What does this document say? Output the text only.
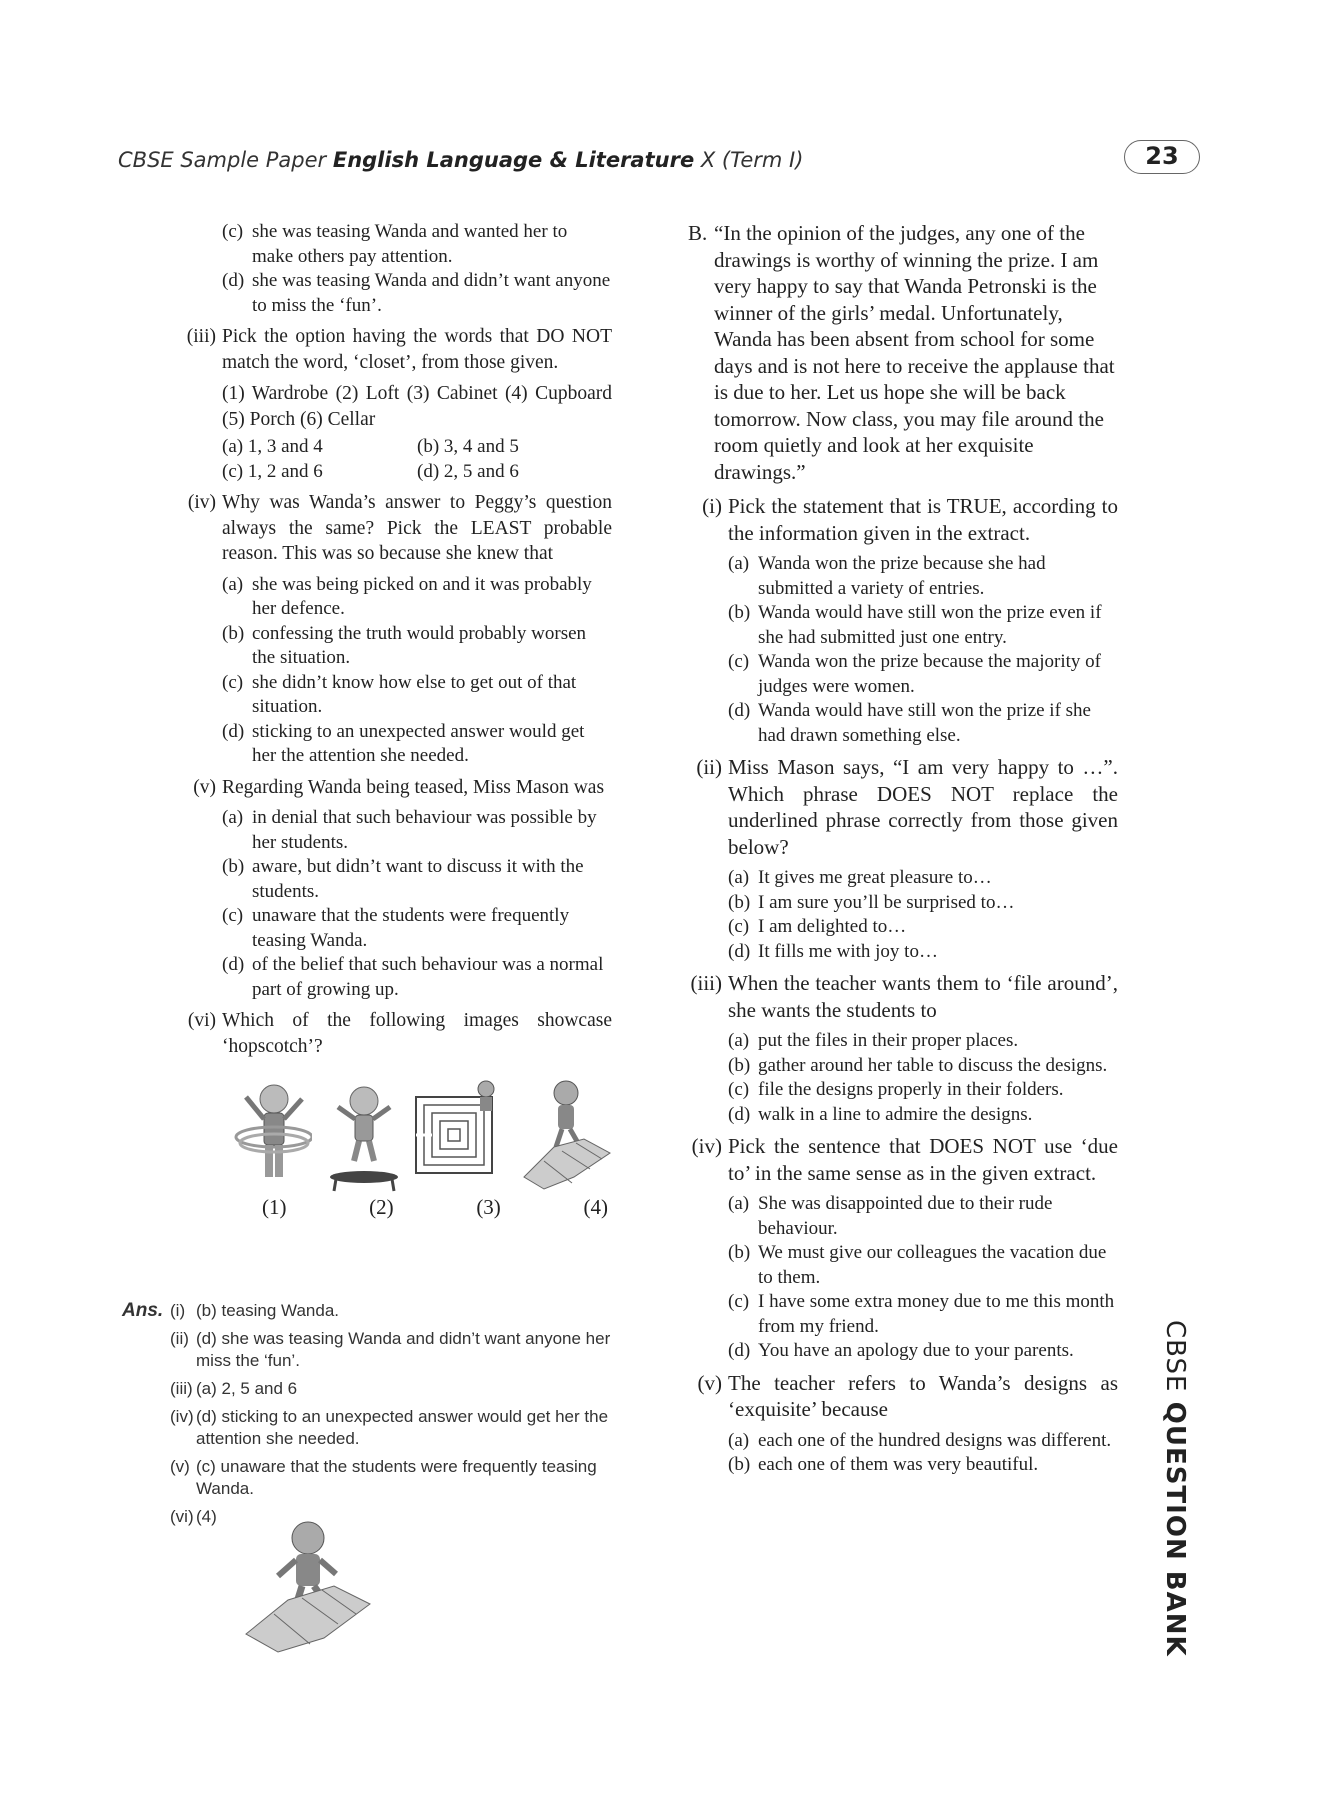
CBSE Sample Paper English Language & Literature X (Term I)	23
CBSE QUESTION BANK
(c) she was teasing Wanda and wanted her to make others pay attention.
(d) she was teasing Wanda and didn’t want anyone to miss the ‘fun’.
(iii) Pick the option having the words that DO NOT match the word, ‘closet’, from those given.
(1) Wardrobe (2) Loft (3) Cabinet (4) Cupboard (5) Porch (6) Cellar
(a) 1, 3 and 4	(b) 3, 4 and 5
(c) 1, 2 and 6	(d) 2, 5 and 6
(iv) Why was Wanda’s answer to Peggy’s question always the same? Pick the LEAST probable reason. This was so because she knew that
(a) she was being picked on and it was probably her defence.
(b) confessing the truth would probably worsen the situation.
(c) she didn’t know how else to get out of that situation.
(d) sticking to an unexpected answer would get her the attention she needed.
(v) Regarding Wanda being teased, Miss Mason was
(a) in denial that such behaviour was possible by her students.
(b) aware, but didn’t want to discuss it with the students.
(c) unaware that the students were frequently teasing Wanda.
(d) of the belief that such behaviour was a normal part of growing up.
(vi) Which of the following images showcase ‘hopscotch’?
(1)	(2)	(3)	(4)
Ans. (i) (b) teasing Wanda.
(ii) (d) she was teasing Wanda and didn’t want anyone her miss the ‘fun’.
(iii) (a) 2, 5 and 6
(iv) (d) sticking to an unexpected answer would get her the attention she needed.
(v) (c) unaware that the students were frequently teasing Wanda.
(vi) (4)
B. “In the opinion of the judges, any one of the drawings is worthy of winning the prize. I am very happy to say that Wanda Petronski is the winner of the girls’ medal. Unfortunately, Wanda has been absent from school for some days and is not here to receive the applause that is due to her. Let us hope she will be back tomorrow. Now class, you may file around the room quietly and look at her exquisite drawings.”
(i) Pick the statement that is TRUE, according to the information given in the extract.
(a) Wanda won the prize because she had submitted a variety of entries.
(b) Wanda would have still won the prize even if she had submitted just one entry.
(c) Wanda won the prize because the majority of judges were women.
(d) Wanda would have still won the prize if she had drawn something else.
(ii) Miss Mason says, “I am very happy to …”. Which phrase DOES NOT replace the underlined phrase correctly from those given below?
(a) It gives me great pleasure to…
(b) I am sure you’ll be surprised to…
(c) I am delighted to…
(d) It fills me with joy to…
(iii) When the teacher wants them to ‘file around’, she wants the students to
(a) put the files in their proper places.
(b) gather around her table to discuss the designs.
(c) file the designs properly in their folders.
(d) walk in a line to admire the designs.
(iv) Pick the sentence that DOES NOT use ‘due to’ in the same sense as in the given extract.
(a) She was disappointed due to their rude behaviour.
(b) We must give our colleagues the vacation due to them.
(c) I have some extra money due to me this month from my friend.
(d) You have an apology due to your parents.
(v) The teacher refers to Wanda’s designs as ‘exquisite’ because
(a) each one of the hundred designs was different.
(b) each one of them was very beautiful.
